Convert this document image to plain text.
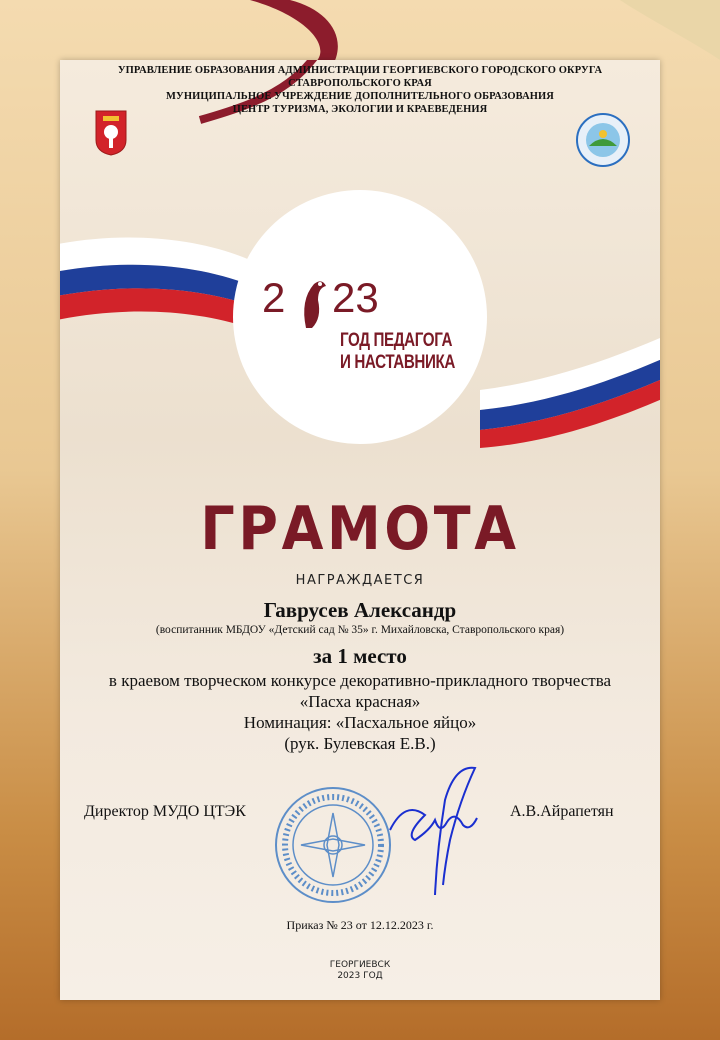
УПРАВЛЕНИЕ ОБРАЗОВАНИЯ АДМИНИСТРАЦИИ ГЕОРГИЕВСКОГО ГОРОДСКОГО ОКРУГА
СТАВРОПОЛЬСКОГО КРАЯ
МУНИЦИПАЛЬНОЕ УЧРЕЖДЕНИЕ ДОПОЛНИТЕЛЬНОГО ОБРАЗОВАНИЯ
ЦЕНТР ТУРИЗМА, ЭКОЛОГИИ И КРАЕВЕДЕНИЯ
2 23
ГОД ПЕДАГОГА
И НАСТАВНИКА
ГРАМОТА
НАГРАЖДАЕТСЯ
Гаврусев Александр
(воспитанник МБДОУ «Детский сад № 35» г. Михайловска, Ставропольского края)
за 1 место
в краевом творческом конкурсе декоративно-прикладного творчества
«Пасха красная»
Номинация: «Пасхальное яйцо»
(рук. Булевская Е.В.)
Директор МУДО ЦТЭК	А.В.Айрапетян
Приказ № 23 от 12.12.2023 г.
ГЕОРГИЕВСК
2023 ГОД
